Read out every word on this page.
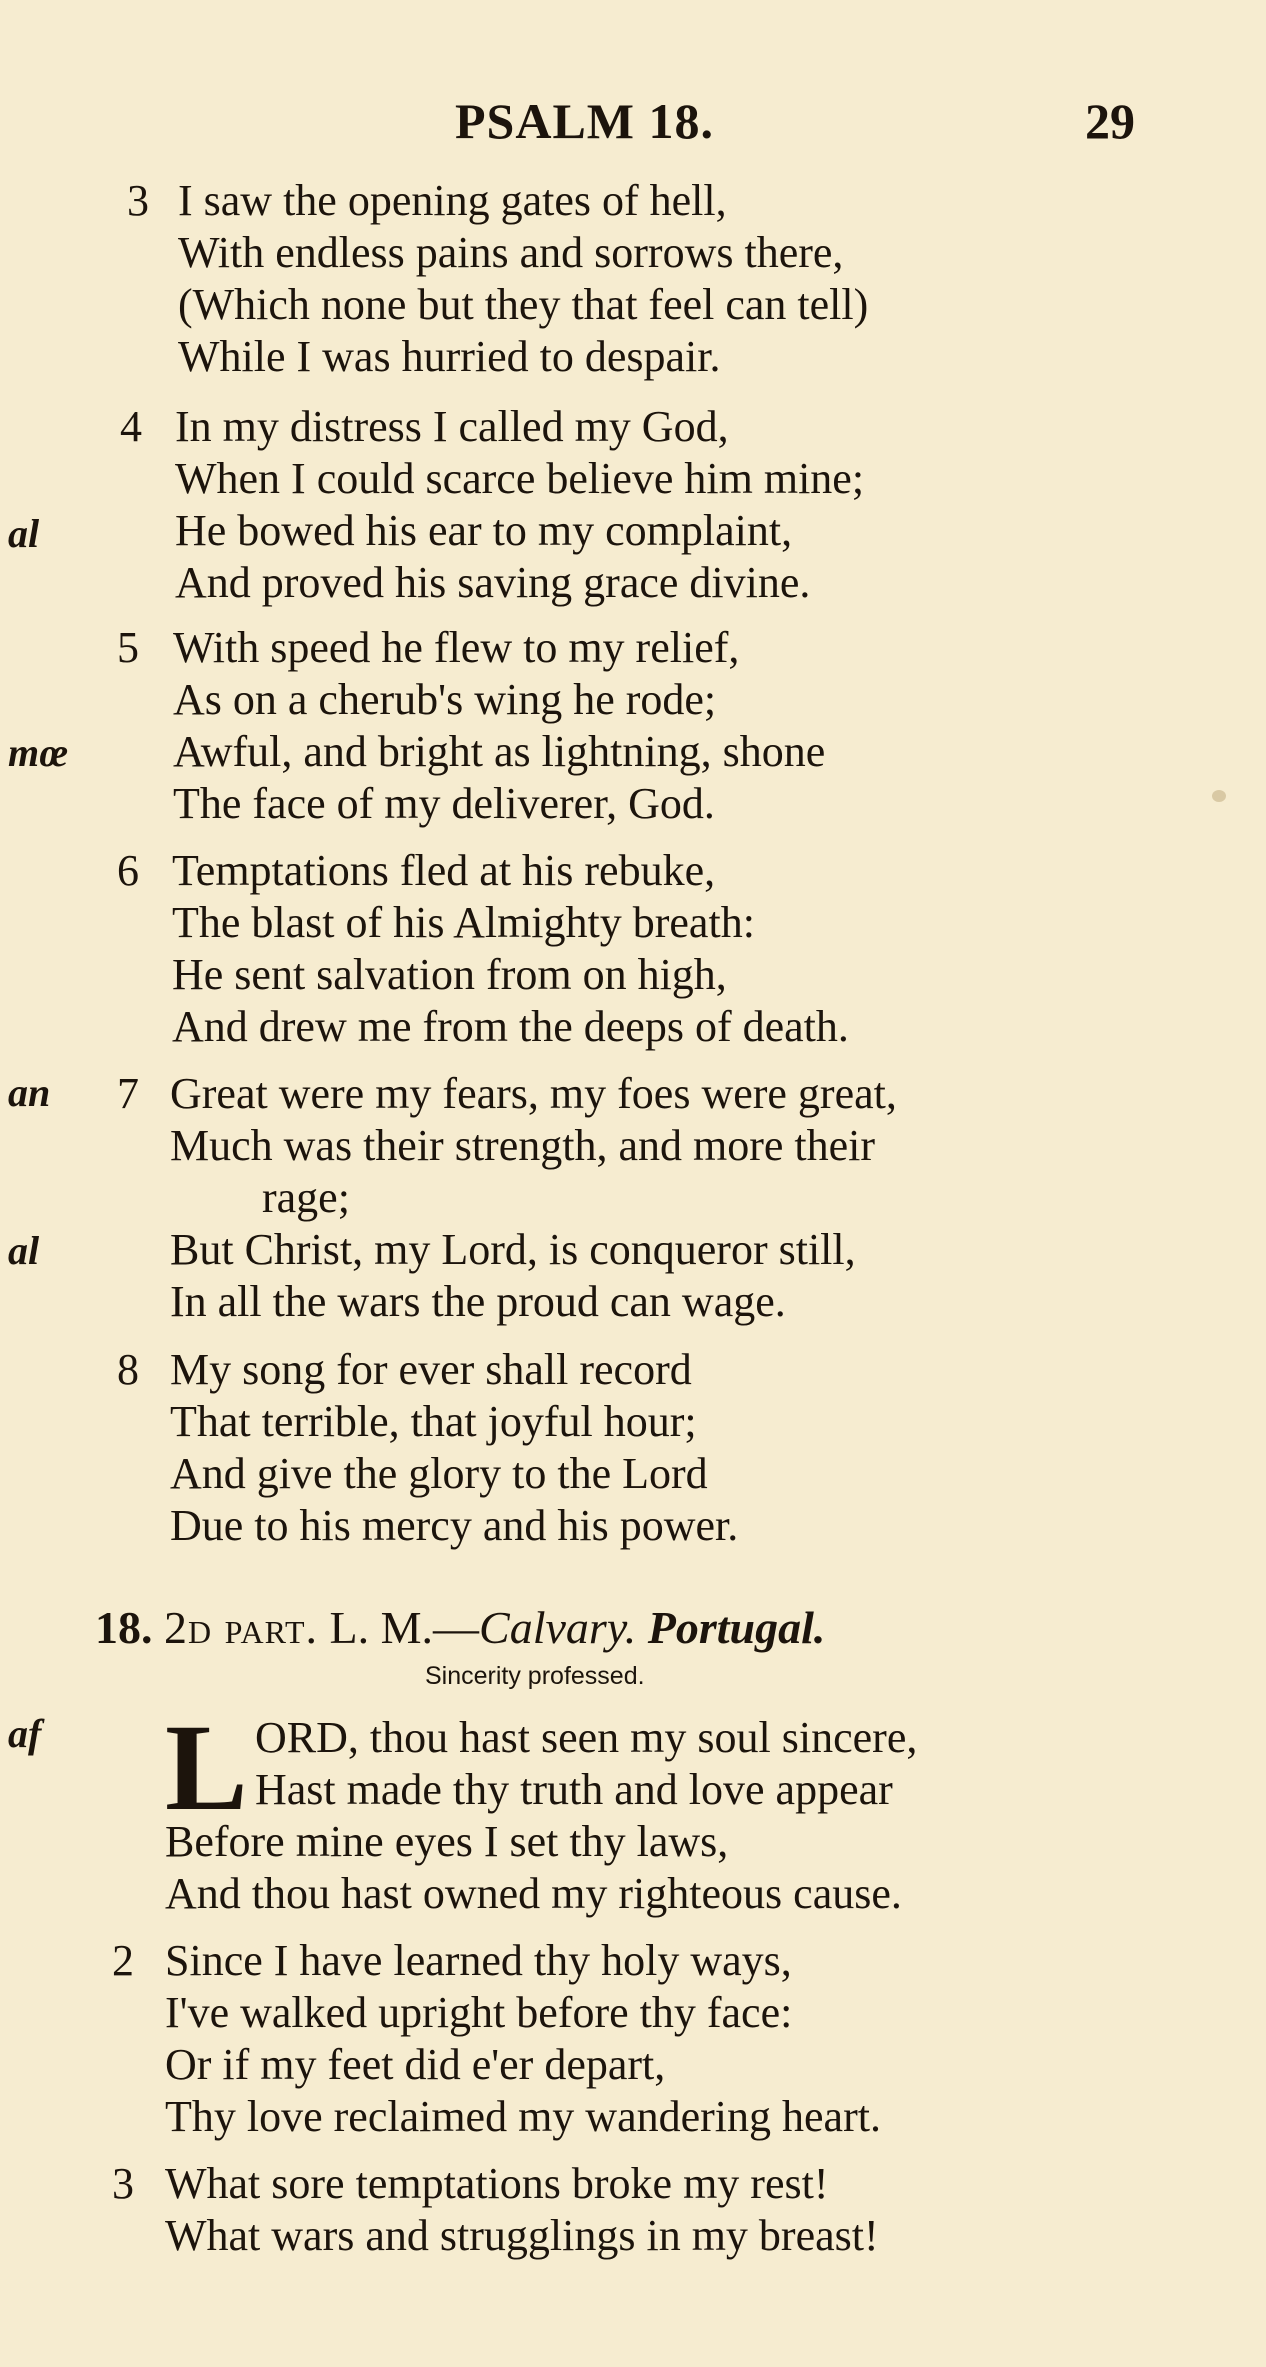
PSALM 18.	29
al
mœ
an
al
af
3 I saw the opening gates of hell,
With endless pains and sorrows there,
(Which none but they that feel can tell)
While I was hurried to despair.
4 In my distress I called my God,
When I could scarce believe him mine;
He bowed his ear to my complaint,
And proved his saving grace divine.
5 With speed he flew to my relief,
As on a cherub's wing he rode;
Awful, and bright as lightning, shone
The face of my deliverer, God.
6 Temptations fled at his rebuke,
The blast of his Almighty breath:
He sent salvation from on high,
And drew me from the deeps of death.
7 Great were my fears, my foes were great,
Much was their strength, and more their
rage;
But Christ, my Lord, is conqueror still,
In all the wars the proud can wage.
8 My song for ever shall record
That terrible, that joyful hour;
And give the glory to the Lord
Due to his mercy and his power.
18. 2d part. L. M.—Calvary. Portugal.
Sincerity professed.
L ORD, thou hast seen my soul sincere,
Hast made thy truth and love appear
Before mine eyes I set thy laws,
And thou hast owned my righteous cause.
2 Since I have learned thy holy ways,
I've walked upright before thy face:
Or if my feet did e'er depart,
Thy love reclaimed my wandering heart.
3 What sore temptations broke my rest!
What wars and strugglings in my breast!
